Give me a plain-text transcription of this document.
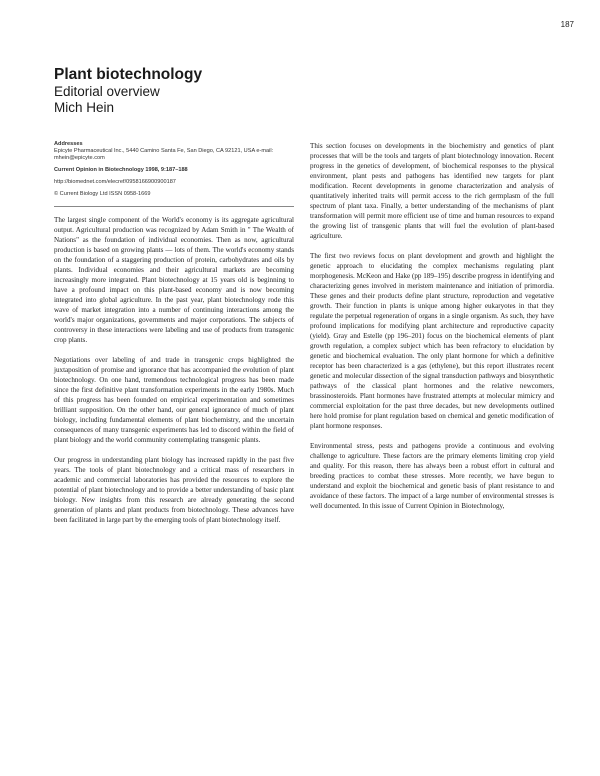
187
Plant biotechnology
Editorial overview
Mich Hein

Addresses

Epicyte Pharmaceutical Inc., 5440 Camino Santa Fe, San Diego, CA 92121, USA e-mail: mhein@epicyte.com

Current Opinion in Biotechnology 1998, 9:187–188

http://biomednet.com/elecref/0958166900900187

© Current Biology Ltd ISSN 0958-1669

The largest single component of the World's economy is its aggregate agricultural output. Agricultural production was recognized by Adam Smith in " The Wealth of Nations" as the foundation of individual economies. Then as now, agricultural production is based on growing plants — lots of them. The world's economy stands on the foundation of a staggering production of protein, carbohydrates and oils by plants. Individual economies and their agricultural markets are becoming increasingly more integrated. Plant biotechnology at 15 years old is beginning to have a profound impact on this plant-based economy and is now becoming integrated into global agriculture. In the past year, plant biotechnology rode this wave of market integration into a number of continuing interactions among the world's major organizations, governments and major corporations. The subjects of controversy in these interactions were labeling and use of products from transgenic crop plants.

Negotiations over labeling of and trade in transgenic crops highlighted the juxtaposition of promise and ignorance that has accompanied the evolution of plant biotechnology. On one hand, tremendous technological progress has been made since the first definitive plant transformation experiments in the early 1980s. Much of this progress has been founded on empirical experimentation and sometimes brilliant supposition. On the other hand, our general ignorance of much of plant biology, including fundamental elements of plant biochemistry, and the uncertain consequences of many transgenic experiments has led to discord within the field of plant biology and the world community contemplating transgenic plants.

Our progress in understanding plant biology has increased rapidly in the past five years. The tools of plant biotechnology and a critical mass of researchers in academic and commercial laboratories has provided the resources to explore the potential of plant biotechnology and to provide a better understanding of basic plant biology. New insights from this research are already generating the second generation of plants and plant products from biotechnology. These advances have been facilitated in large part by the emerging tools of plant biotechnology itself.

This section focuses on developments in the biochemistry and genetics of plant processes that will be the tools and targets of plant biotechnology innovation. Recent progress in the genetics of development, of biochemical responses to the physical environment, plant pests and pathogens has identified new targets for plant modification. Recent developments in genome characterization and analysis of quantitatively inherited traits will permit access to the rich germplasm of the full spectrum of plant taxa. Finally, a better understanding of the mechanisms of plant transformation will permit more efficient use of time and human resources to expand the growing list of transgenic plants that will fuel the evolution of plant-based agriculture.

The first two reviews focus on plant development and growth and highlight the genetic approach to elucidating the complex mechanisms regulating plant morphogenesis. McKeon and Hake (pp 189–195) describe progress in identifying and characterizing genes involved in meristem maintenance and initiation of primordia. These genes and their products define plant structure, reproduction and vegetative growth. Their function in plants is unique among higher eukaryotes in that they regulate the perpetual regeneration of organs in a single organism. As such, they have profound implications for modifying plant architecture and reproductive capacity (yield). Gray and Estelle (pp 196–201) focus on the biochemical elements of plant growth regulation, a complex subject which has been refractory to elucidation by genetic and biochemical evaluation. The only plant hormone for which a definitive receptor has been characterized is a gas (ethylene), but this report illustrates recent genetic and molecular dissection of the signal transduction pathways and biosynthetic pathways of the classical plant hormones and the relative newcomers, brassinosteroids. Plant hormones have frustrated attempts at molecular mimicry and commercial exploitation for the past three decades, but new developments outlined here hold promise for plant regulation based on chemical and genetic modification of plant hormone responses.

Environmental stress, pests and pathogens provide a continuous and evolving challenge to agriculture. These factors are the primary elements limiting crop yield and quality. For this reason, there has always been a robust effort in cultural and breeding practices to combat these stresses. More recently, we have begun to understand and exploit the biochemical and genetic basis of plant resistance to and avoidance of these factors. The impact of a large number of environmental stresses is well documented. In this issue of Current Opinion in Biotechnology,
